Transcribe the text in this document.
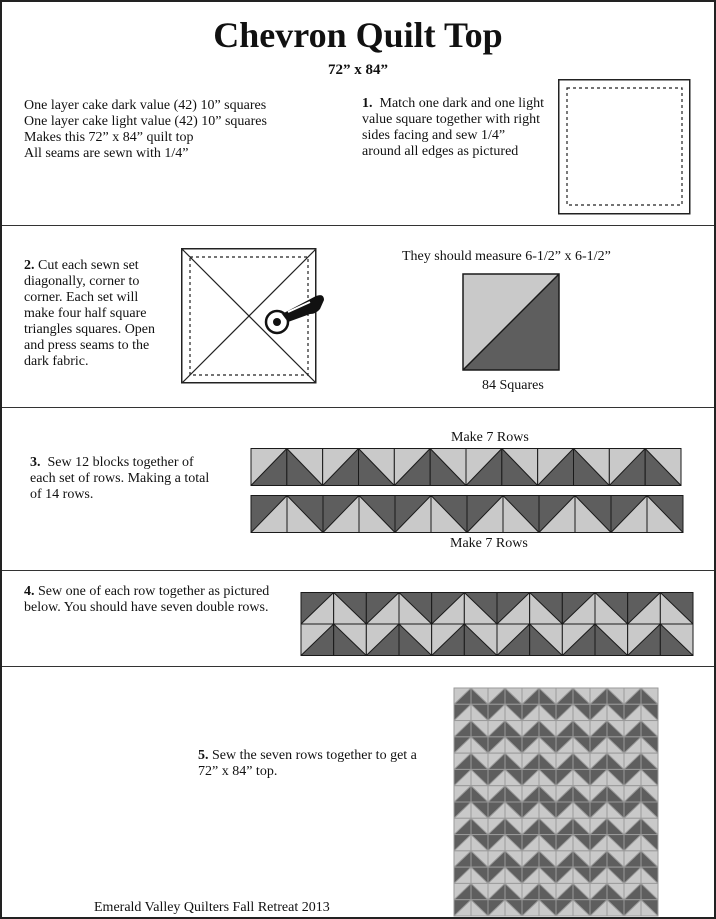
Chevron Quilt Top
72” x 84”
One layer cake dark value (42) 10” squares
One layer cake light value (42) 10” squares
Makes this 72” x 84” quilt top
All seams are sewn with 1/4”
1. Match one dark and one light value square together with right sides facing and sew 1/4” around all edges as pictured
2. Cut each sewn set diagonally, corner to corner. Each set will make four half square triangles squares. Open and press seams to the dark fabric.
They should measure 6-1/2” x 6-1/2”
84 Squares
3. Sew 12 blocks together of each set of rows. Making a total of 14 rows.
Make 7 Rows
Make 7 Rows
4. Sew one of each row together as pictured below. You should have seven double rows.
5. Sew the seven rows together to get a 72” x 84” top.
Emerald Valley Quilters Fall Retreat 2013
